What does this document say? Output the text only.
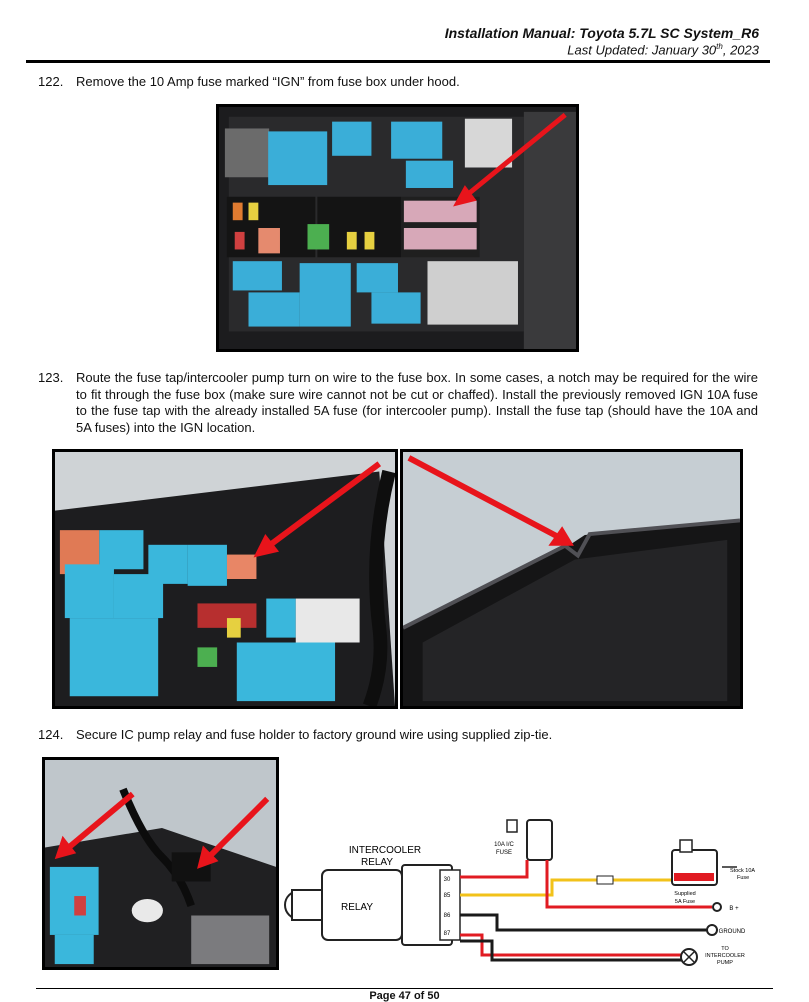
Installation Manual: Toyota 5.7L SC System_R6
Last Updated: January 30th, 2023
122. Remove the 10 Amp fuse marked “IGN” from fuse box under hood.
123. Route the fuse tap/intercooler pump turn on wire to the fuse box. In some cases, a notch may be required for the wire to fit through the fuse box (make sure wire cannot not be cut or chaffed). Install the previously removed IGN 10A fuse to the fuse tap with the already installed 5A fuse (for intercooler pump). Install the fuse tap (should have the 10A and 5A fuses) into the IGN location.
124. Secure IC pump relay and fuse holder to factory ground wire using supplied zip-tie.
INTERCOOLER
RELAY
RELAY
30
85
86
87
10A I/C
FUSE
Stock 10A
Fuse
Supplied
5A Fuse
B +
GROUND
TO
INTERCOOLER
PUMP
Page 47 of 50
